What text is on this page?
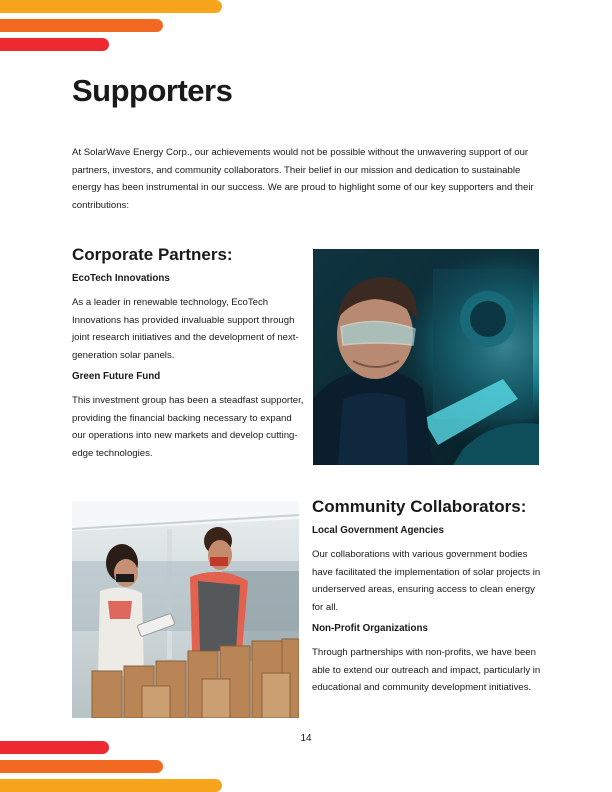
Supporters

At SolarWave Energy Corp., our achievements would not be possible without the unwavering support of our partners, investors, and community collaborators. Their belief in our mission and dedication to sustainable energy has been instrumental in our success. We are proud to highlight some of our key supporters and their contributions:

Corporate Partners:
EcoTech Innovations

As a leader in renewable technology, EcoTech Innovations has provided invaluable support through joint research initiatives and the development of next-generation solar panels.

Green Future Fund

This investment group has been a steadfast supporter, providing the financial backing necessary to expand our operations into new markets and develop cutting-edge technologies.

Community Collaborators:
Local Government Agencies

Our collaborations with various government bodies have facilitated the implementation of solar projects in underserved areas, ensuring access to clean energy for all.

Non-Profit Organizations

Through partnerships with non-profits, we have been able to extend our outreach and impact, particularly in educational and community development initiatives.

14
